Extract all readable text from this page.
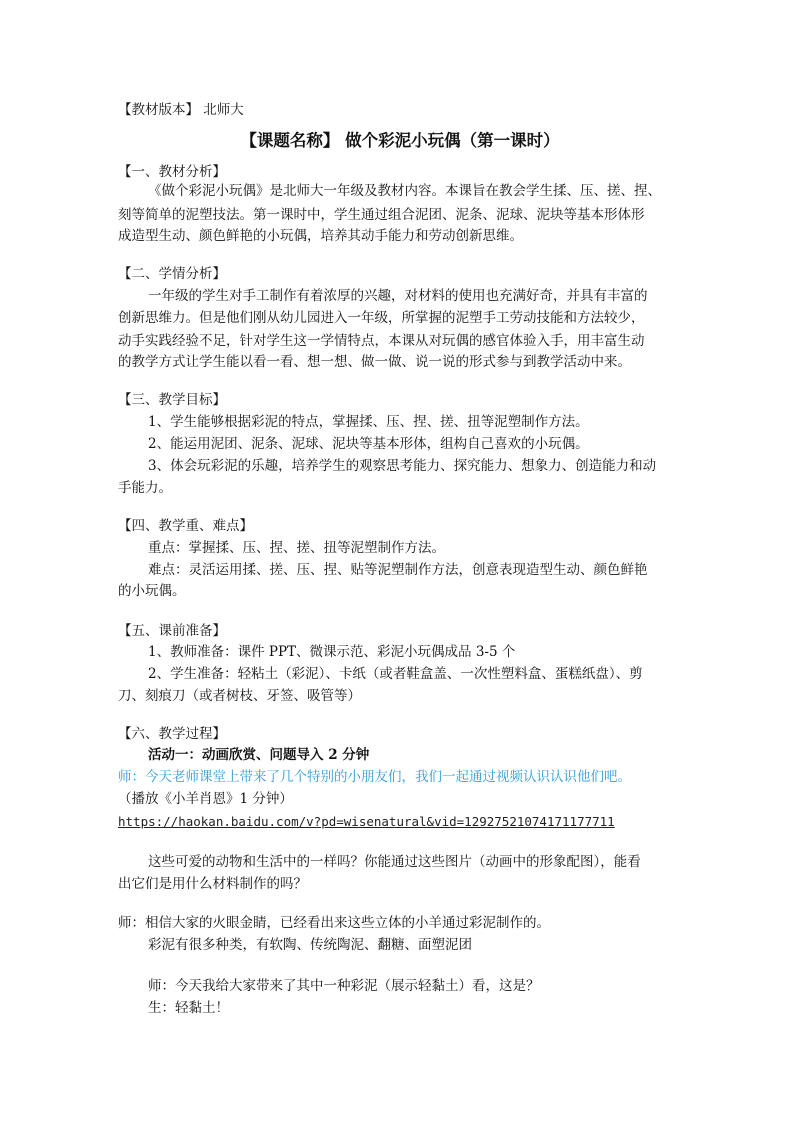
【教材版本】 北师大
【课题名称】 做个彩泥小玩偶（第一课时）
【一、教材分析】
《做个彩泥小玩偶》是北师大一年级及教材内容。本课旨在教会学生揉、压、搓、捏、
刻等简单的泥塑技法。第一课时中，学生通过组合泥团、泥条、泥球、泥块等基本形体形
成造型生动、颜色鲜艳的小玩偶，培养其动手能力和劳动创新思维。
【二、学情分析】
一年级的学生对手工制作有着浓厚的兴趣，对材料的使用也充满好奇，并具有丰富的
创新思维力。但是他们刚从幼儿园进入一年级，所掌握的泥塑手工劳动技能和方法较少，
动手实践经验不足，针对学生这一学情特点，本课从对玩偶的感官体验入手，用丰富生动
的教学方式让学生能以看一看、想一想、做一做、说一说的形式参与到教学活动中来。
【三、教学目标】
1、学生能够根据彩泥的特点，掌握揉、压、捏、搓、扭等泥塑制作方法。
2、能运用泥团、泥条、泥球、泥块等基本形体，组构自己喜欢的小玩偶。
3、体会玩彩泥的乐趣，培养学生的观察思考能力、探究能力、想象力、创造能力和动
手能力。
【四、教学重、难点】
重点：掌握揉、压、捏、搓、扭等泥塑制作方法。
难点：灵活运用揉、搓、压、捏、贴等泥塑制作方法，创意表现造型生动、颜色鲜艳
的小玩偶。
【五、课前准备】
1、教师准备：课件 PPT、微课示范、彩泥小玩偶成品 3-5 个
2、学生准备：轻粘土（彩泥）、卡纸（或者鞋盒盖、一次性塑料盒、蛋糕纸盘）、剪
刀、刻痕刀（或者树枝、牙签、吸管等）
【六、教学过程】
活动一：动画欣赏、问题导入 2 分钟
师：今天老师课堂上带来了几个特别的小朋友们，我们一起通过视频认识认识他们吧。
（播放《小羊肖恩》1 分钟）
https://haokan.baidu.com/v?pd=wisenatural&vid=12927521074171177711
这些可爱的动物和生活中的一样吗？你能通过这些图片（动画中的形象配图），能看
出它们是用什么材料制作的吗？
师：相信大家的火眼金睛，已经看出来这些立体的小羊通过彩泥制作的。
彩泥有很多种类，有软陶、传统陶泥、翻糖、面塑泥团
师：今天我给大家带来了其中一种彩泥（展示轻黏土）看，这是？
生：轻黏土！
